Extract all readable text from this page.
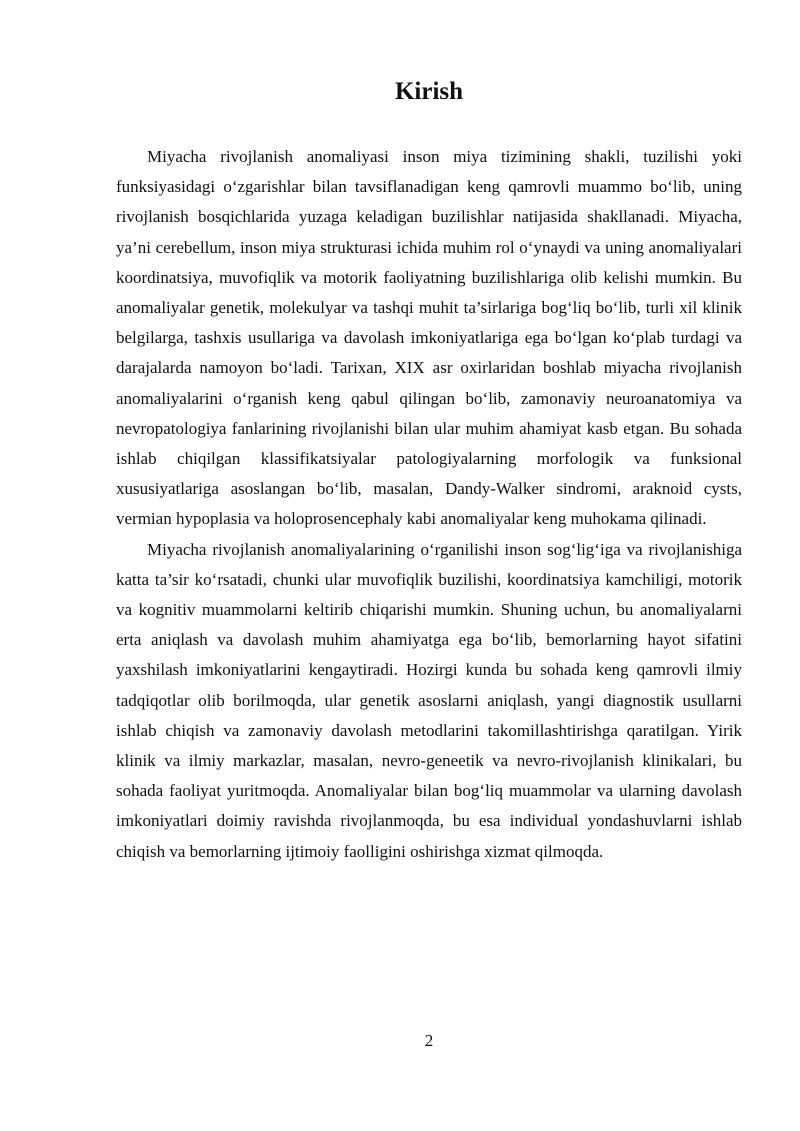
Kirish

Miyacha rivojlanish anomaliyasi inson miya tizimining shakli, tuzilishi yoki funksiyasidagi o‘zgarishlar bilan tavsiflanadigan keng qamrovli muammo bo‘lib, uning rivojlanish bosqichlarida yuzaga keladigan buzilishlar natijasida shakllanadi. Miyacha, ya’ni cerebellum, inson miya strukturasi ichida muhim rol o‘ynaydi va uning anomaliyalari koordinatsiya, muvofiqlik va motorik faoliyatning buzilishlariga olib kelishi mumkin. Bu anomaliyalar genetik, molekulyar va tashqi muhit ta’sirlariga bog‘liq bo‘lib, turli xil klinik belgilarga, tashxis usullariga va davolash imkoniyatlariga ega bo‘lgan ko‘plab turdagi va darajalarda namoyon bo‘ladi. Tarixan, XIX asr oxirlaridan boshlab miyacha rivojlanish anomaliyalarini o‘rganish keng qabul qilingan bo‘lib, zamonaviy neuroanatomiya va nevropatologiya fanlarining rivojlanishi bilan ular muhim ahamiyat kasb etgan. Bu sohada ishlab chiqilgan klassifikatsiyalar patologiyalarning morfologik va funksional xususiyatlariga asoslangan bo‘lib, masalan, Dandy-Walker sindromi, araknoid cysts, vermian hypoplasia va holoprosencephaly kabi anomaliyalar keng muhokama qilinadi.

Miyacha rivojlanish anomaliyalarining o‘rganilishi inson sog‘lig‘iga va rivojlanishiga katta ta’sir ko‘rsatadi, chunki ular muvofiqlik buzilishi, koordinatsiya kamchiligi, motorik va kognitiv muammolarni keltirib chiqarishi mumkin. Shuning uchun, bu anomaliyalarni erta aniqlash va davolash muhim ahamiyatga ega bo‘lib, bemorlarning hayot sifatini yaxshilash imkoniyatlarini kengaytiradi. Hozirgi kunda bu sohada keng qamrovli ilmiy tadqiqotlar olib borilmoqda, ular genetik asoslarni aniqlash, yangi diagnostik usullarni ishlab chiqish va zamonaviy davolash metodlarini takomillashtirishga qaratilgan. Yirik klinik va ilmiy markazlar, masalan, nevro-geneetik va nevro-rivojlanish klinikalari, bu sohada faoliyat yuritmoqda. Anomaliyalar bilan bog‘liq muammolar va ularning davolash imkoniyatlari doimiy ravishda rivojlanmoqda, bu esa individual yondashuvlarni ishlab chiqish va bemorlarning ijtimoiy faolligini oshirishga xizmat qilmoqda.

2
